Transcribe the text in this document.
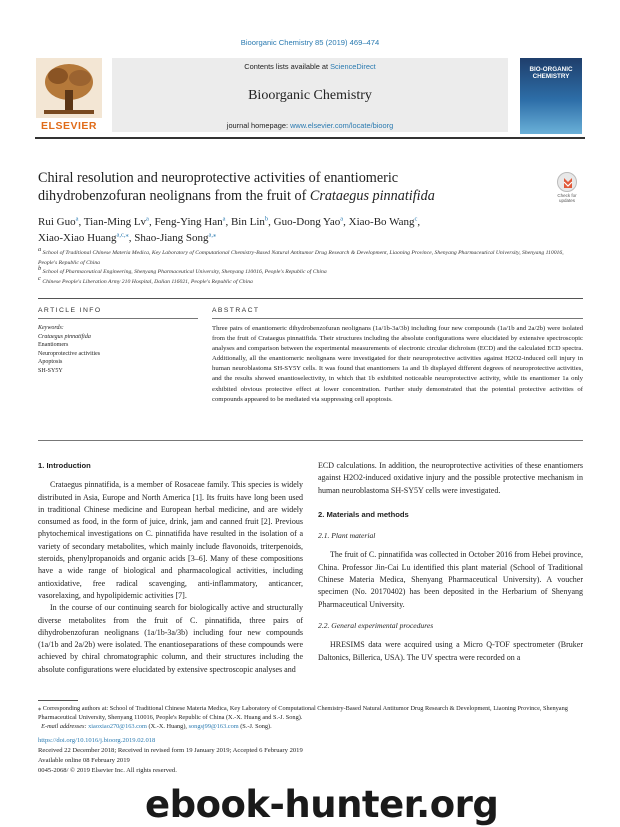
Bioorganic Chemistry 85 (2019) 469–474
ELSEVIER
Contents lists available at ScienceDirect
Bioorganic Chemistry
journal homepage: www.elsevier.com/locate/bioorg
BIO-ORGANIC CHEMISTRY
Chiral resolution and neuroprotective activities of enantiomeric
dihydrobenzofuran neolignans from the fruit of Crataegus pinnatifida	Check for updates
Rui Guo$^a$, Tian-Ming Lv$^a$, Feng-Ying Han$^a$, Bin Lin$^b$, Guo-Dong Yao$^a$, Xiao-Bo Wang$^c$,
Xiao-Xiao Huang$^{a,c,⁎}$, Shao-Jiang Song$^{a,⁎}$
$^a$ School of Traditional Chinese Materia Medica, Key Laboratory of Computational Chemistry-Based Natural Antitumor Drug Research & Development, Liaoning Province, Shenyang Pharmaceutical University, Shenyang 110016, People's Republic of China
$^b$ School of Pharmaceutical Engineering, Shenyang Pharmaceutical University, Shenyang 110016, People's Republic of China
$^c$ Chinese People's Liberation Army 210 Hospital, Dalian 116021, People's Republic of China
ARTICLE INFO	ABSTRACT
Keywords:
Crataegus pinnatifida
Enantiomers
Neuroprotective activities
Apoptosis
SH-SY5Y
Three pairs of enantiomeric dihydrobenzofuran neolignans (1a/1b-3a/3b) including four new compounds (1a/1b and 2a/2b) were isolated from the fruit of Crataegus pinnatifida. Their structures including the absolute configurations were elucidated by extensive spectroscopic analyses and comparison between the experimental measurements of electronic circular dichroism (ECD) and the calculated ECD spectra. Additionally, all the enantiomeric neolignans were investigated for their neuroprotective activities against H2O2-induced cell injury in human neuroblastoma SH-SY5Y cells. It was found that enantiomers 1a and 1b displayed different degrees of neuroprotective activities, and the results showed enantioselectivity, in which that 1b exhibited noticeable neuroprotective activity, while its enantiomer 1a only exhibited obvious protective effect at lower concentration. Further study demonstrated that the potential protective activities of compounds appeared to be mediated via suppressing cell apoptosis.
1. Introduction

Crataegus pinnatifida, is a member of Rosaceae family. This species is widely distributed in Asia, Europe and North America [1]. Its fruits have long been used in traditional Chinese medicine and European herbal medicine, and are widely consumed as food, in the form of juice, drink, jam and canned fruit [2]. Previous phytochemical investigations on C. pinnatifida have resulted in the isolation of a variety of secondary metabolites, which mainly include flavonoids, triterpenoids, steroids, phenylpropanoids and organic acids [3–6]. Many of these compositions have a wide range of biological and pharmacological activities, including antioxidative, free radical scavenging, anti-inflammatory, anticancer, vasorelaxing, and hypolipidemic activities [7].

In the course of our continuing search for biologically active and structurally diverse metabolites from the fruit of C. pinnatifida, three pairs of dihydrobenzofuran neolignans (1a/1b-3a/3b) including four new compounds (1a/1b and 2a/2b) were isolated. The enantioseparations of these compounds were achieved by chiral chromatographic column, and their structures including the absolute configurations were elucidated by extensive spectroscopic analyses and

ECD calculations. In addition, the neuroprotective activities of these enantiomers against H2O2-induced oxidative injury and the possible protective mechanism in human neuroblastoma SH-SY5Y cells were investigated.

2. Materials and methods
2.1. Plant material

The fruit of C. pinnatifida was collected in October 2016 from Hebei province, China. Professor Jin-Cai Lu identified this plant material (School of Traditional Chinese Materia Medica, Shenyang Pharmaceutical University). A voucher specimen (No. 20170402) has been deposited in the Herbarium of Shenyang Pharmaceutical University.

2.2. General experimental procedures

HRESIMS data were acquired using a Micro Q-TOF spectrometer (Bruker Daltonics, Billerica, USA). The UV spectra were recorded on a

⁎ Corresponding authors at: School of Traditional Chinese Materia Medica, Key Laboratory of Computational Chemistry-Based Natural Antitumor Drug Research & Development, Liaoning Province, Shenyang Pharmaceutical University, Shenyang 110016, People's Republic of China (X.-X. Huang and S.-J. Song).
E-mail addresses: xiaoxiao270@163.com (X.-X. Huang), songsj99@163.com (S.-J. Song).
https://doi.org/10.1016/j.bioorg.2019.02.018
Received 22 December 2018; Received in revised form 19 January 2019; Accepted 6 February 2019
Available online 08 February 2019
0045-2068/ © 2019 Elsevier Inc. All rights reserved.
ebook-hunter.org
